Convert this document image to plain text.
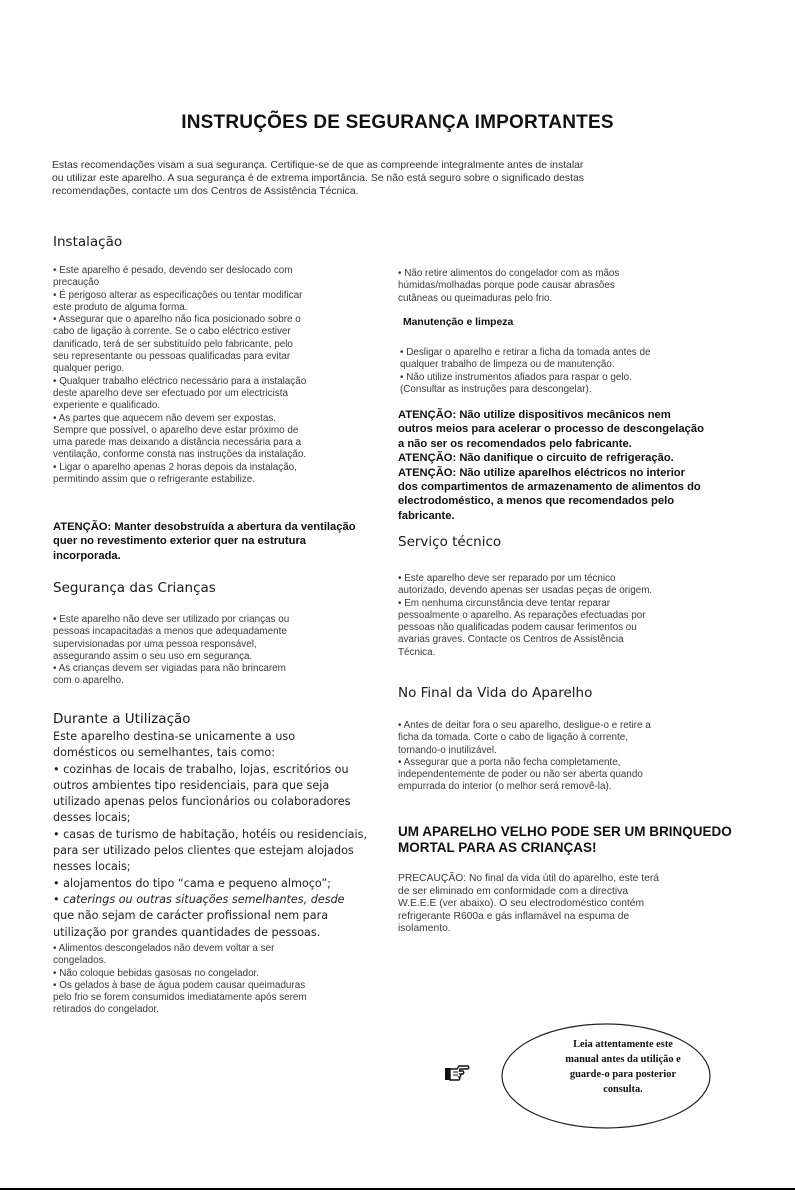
INSTRUÇÕES DE SEGURANÇA IMPORTANTES
Estas recomendações visam a sua segurança. Certifique-se de que as compreende integralmente antes de instalar
ou utilizar este aparelho. A sua segurança é de extrema importância. Se não está seguro sobre o significado destas
recomendações, contacte um dos Centros de Assistência Técnica.
Instalação
• Este aparelho é pesado, devendo ser deslocado com
precaução
• É perigoso alterar as especificações ou tentar modificar
este produto de alguma forma.
• Assegurar que o aparelho não fica posicionado sobre o
cabo de ligação à corrente. Se o cabo eléctrico estiver
danificado, terá de ser substituído pelo fabricante, pelo
seu representante ou pessoas qualificadas para evitar
qualquer perigo.
• Qualquer trabalho eléctrico necessário para a instalação
deste aparelho deve ser efectuado por um electricista
experiente e qualificado.
• As partes que aquecem não devem ser expostas.
Sempre que possível, o aparelho deve estar próximo de
uma parede mas deixando a distância necessária para a
ventilação, conforme consta nas instruções da instalação.
• Ligar o aparelho apenas 2 horas depois da instalação,
permitindo assim que o refrigerante estabilize.
ATENÇÃO: Manter desobstruída a abertura da ventilação
quer no revestimento exterior quer na estrutura
incorporada.
Segurança das Crianças
• Este aparelho não deve ser utilizado por crianças ou
pessoas incapacitadas a menos que adequadamente
supervisionadas por uma pessoa responsável,
assegurando assim o seu uso em segurança.
• As crianças devem ser vigiadas para não brincarem
com o aparelho.
Durante a Utilização
Este aparelho destina-se unicamente a uso
domésticos ou semelhantes, tais como:
• cozinhas de locais de trabalho, lojas, escritórios ou
outros ambientes tipo residenciais, para que seja
utilizado apenas pelos funcionários ou colaboradores
desses locais;
• casas de turismo de habitação, hotéis ou residenciais,
para ser utilizado pelos clientes que estejam alojados
nesses locais;
• alojamentos do tipo “cama e pequeno almoço”;
• caterings ou outras situações semelhantes, desde
que não sejam de carácter profissional nem para
utilização por grandes quantidades de pessoas.
• Alimentos descongelados não devem voltar a ser
congelados.
• Não coloque bebidas gasosas no congelador.
• Os gelados à base de água podem causar queimaduras
pelo frio se forem consumidos imediatamente após serem
retirados do congelador.
• Não retire alimentos do congelador com as mãos
húmidas/molhadas porque pode causar abrasões
cutâneas ou queimaduras pelo frio.
Manutenção e limpeza
• Desligar o aparelho e retirar a ficha da tomada antes de
qualquer trabalho de limpeza ou de manutenção.
• Não utilize instrumentos afiados para raspar o gelo.
(Consultar as instruções para descongelar).
ATENÇÃO: Não utilize dispositivos mecânicos nem
outros meios para acelerar o processo de descongelação
a não ser os recomendados pelo fabricante.
ATENÇÃO: Não danifique o circuito de refrigeração.
ATENÇÃO: Não utilize aparelhos eléctricos no interior
dos compartimentos de armazenamento de alimentos do
electrodoméstico, a menos que recomendados pelo
fabricante.
Serviço técnico
• Este aparelho deve ser reparado por um técnico
autorizado, devendo apenas ser usadas peças de origem.
• Em nenhuma circunstância deve tentar reparar
pessoalmente o aparelho. As reparações efectuadas por
pessoas não qualificadas podem causar ferimentos ou
avarias graves. Contacte os Centros de Assistência
Técnica.
No Final da Vida do Aparelho
• Antes de deitar fora o seu aparelho, desligue-o e retire a
ficha da tomada. Corte o cabo de ligação à corrente,
tornando-o inutilizável.
• Assegurar que a porta não fecha completamente,
independentemente de poder ou não ser aberta quando
empurrada do interior (o melhor será removê-la).
UM APARELHO VELHO PODE SER UM BRINQUEDO
MORTAL PARA AS CRIANÇAS!
PRECAUÇÃO: No final da vida útil do aparelho, este terá
de ser eliminado em conformidade com a directiva
W.E.E.E (ver abaixo). O seu electrodoméstico contém
refrigerante R600a e gás inflamável na espuma de
isolamento.
Leia attentamente este
manual antes da utilição e
guarde-o para posterior
consulta.
